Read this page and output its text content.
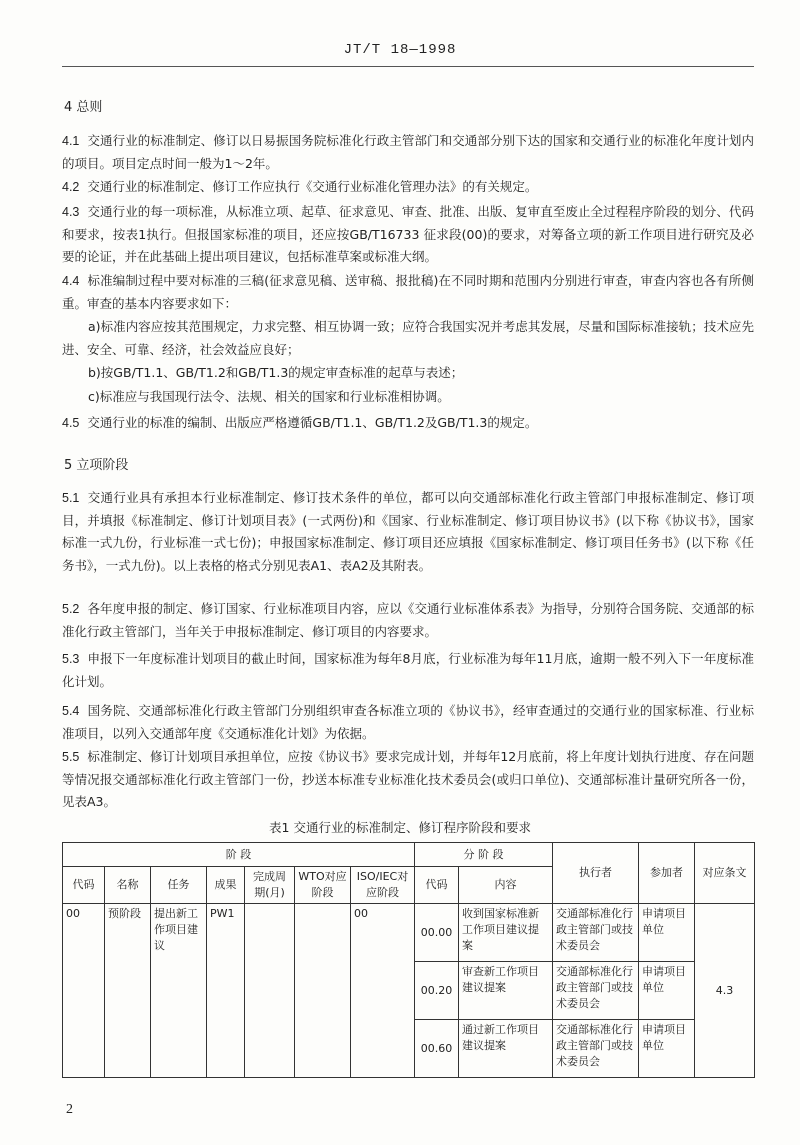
JT/T 18—1998
4 总则
4.1 交通行业的标准制定、修订以日易振国务院标准化行政主管部门和交通部分别下达的国家和交通行业的标准化年度计划内的项目。项目定点时间一般为1～2年。
4.2 交通行业的标准制定、修订工作应执行《交通行业标准化管理办法》的有关规定。
4.3 交通行业的每一项标准，从标准立项、起草、征求意见、审查、批准、出版、复审直至废止全过程程序阶段的划分、代码和要求，按表1执行。但报国家标准的项目，还应按GB/T16733 征求段(00)的要求，对筹备立项的新工作项目进行研究及必要的论证，并在此基础上提出项目建议，包括标准草案或标准大纲。
4.4 标准编制过程中要对标准的三稿(征求意见稿、送审稿、报批稿)在不同时期和范围内分别进行审查，审查内容也各有所侧重。审查的基本内容要求如下：
a)标准内容应按其范围规定，力求完整、相互协调一致；应符合我国实况并考虑其发展，尽量和国际标准接轨；技术应先进、安全、可靠、经济，社会效益应良好；
b)按GB/T1.1、GB/T1.2和GB/T1.3的规定审查标准的起草与表述；
c)标准应与我国现行法令、法规、相关的国家和行业标准相协调。
4.5 交通行业的标准的编制、出版应严格遵循GB/T1.1、GB/T1.2及GB/T1.3的规定。
5 立项阶段
5.1 交通行业具有承担本行业标准制定、修订技术条件的单位，都可以向交通部标准化行政主管部门申报标准制定、修订项目，并填报《标准制定、修订计划项目表》(一式两份)和《国家、行业标准制定、修订项目协议书》(以下称《协议书》，国家标准一式九份，行业标准一式七份)；申报国家标准制定、修订项目还应填报《国家标准制定、修订项目任务书》(以下称《任务书》，一式九份)。以上表格的格式分别见表A1、表A2及其附表。
5.2 各年度申报的制定、修订国家、行业标准项目内容，应以《交通行业标准体系表》为指导，分别符合国务院、交通部的标准化行政主管部门，当年关于申报标准制定、修订项目的内容要求。
5.3 申报下一年度标准计划项目的截止时间，国家标准为每年8月底，行业标准为每年11月底，逾期一般不列入下一年度标准化计划。
5.4 国务院、交通部标准化行政主管部门分别组织审查各标准立项的《协议书》，经审查通过的交通行业的国家标准、行业标准项目，以列入交通部年度《交通标准化计划》为依据。
5.5 标准制定、修订计划项目承担单位，应按《协议书》要求完成计划，并每年12月底前，将上年度计划执行进度、存在问题等情况报交通部标准化行政主管部门一份，抄送本标准专业标准化技术委员会(或归口单位)、交通部标准计量研究所各一份，见表A3。
表1 交通行业的标准制定、修订程序阶段和要求
阶 段							分 阶 段		执行者	参加者	对应条文
代码	名称	任务	成果	完成周期(月)	WTO对应阶段	ISO/IEC对应阶段	代码	内容			
00	预阶段	提出新工作项目建议	PW1			00	00.00	收到国家标准新工作项目建议提案	交通部标准化行政主管部门或技术委员会	申请项目单位	4.3
							00.20	审查新工作项目建议提案	交通部标准化行政主管部门或技术委员会	申请项目单位	
							00.60	通过新工作项目建议提案	交通部标准化行政主管部门或技术委员会	申请项目单位	
2
